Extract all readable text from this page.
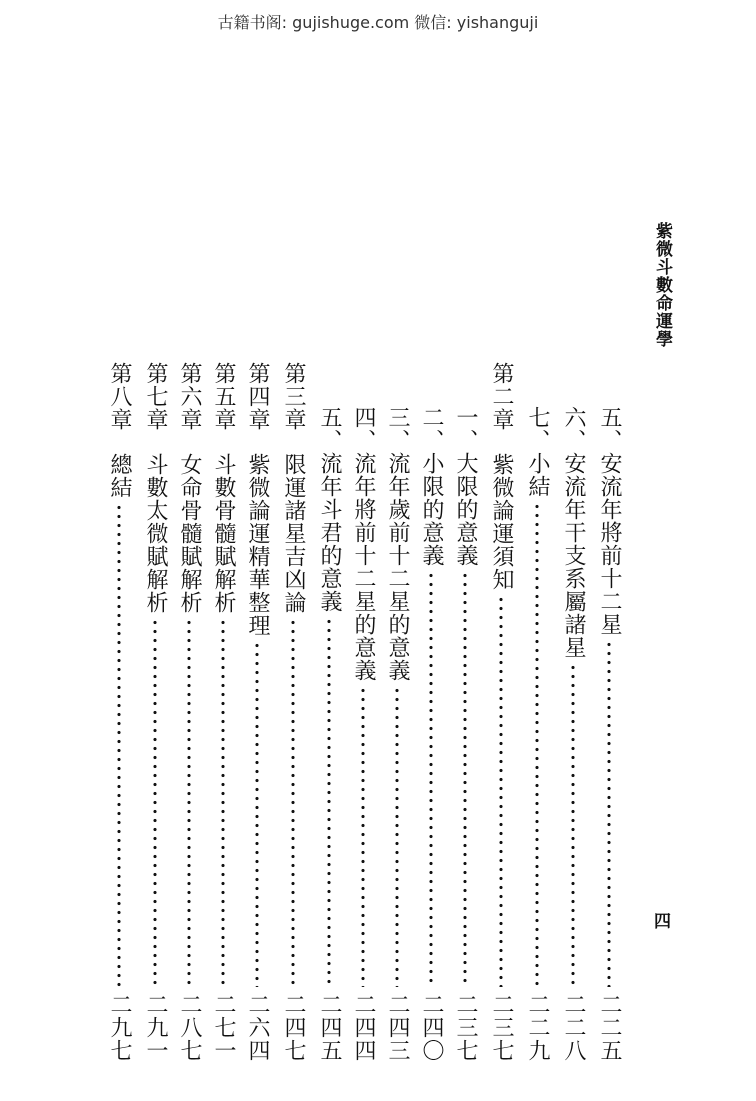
古籍书阁: gujishuge.com 微信: yishanguji
紫微斗數命運學
四
五、
安流年將前十二星
二二五
六、
安流年干支系屬諸星
二二八
七、
小結
二二九
第二章
紫微論運須知
二三七
一、
大限的意義
二三七
二、
小限的意義
二四〇
三、
流年歲前十二星的意義
二四三
四、
流年將前十二星的意義
二四四
五、
流年斗君的意義
二四五
第三章
限運諸星吉凶論
二四七
第四章
紫微論運精華整理
二六四
第五章
斗數骨髓賦解析
二七一
第六章
女命骨髓賦解析
二八七
第七章
斗數太微賦解析
二九一
第八章
總結
二九七
